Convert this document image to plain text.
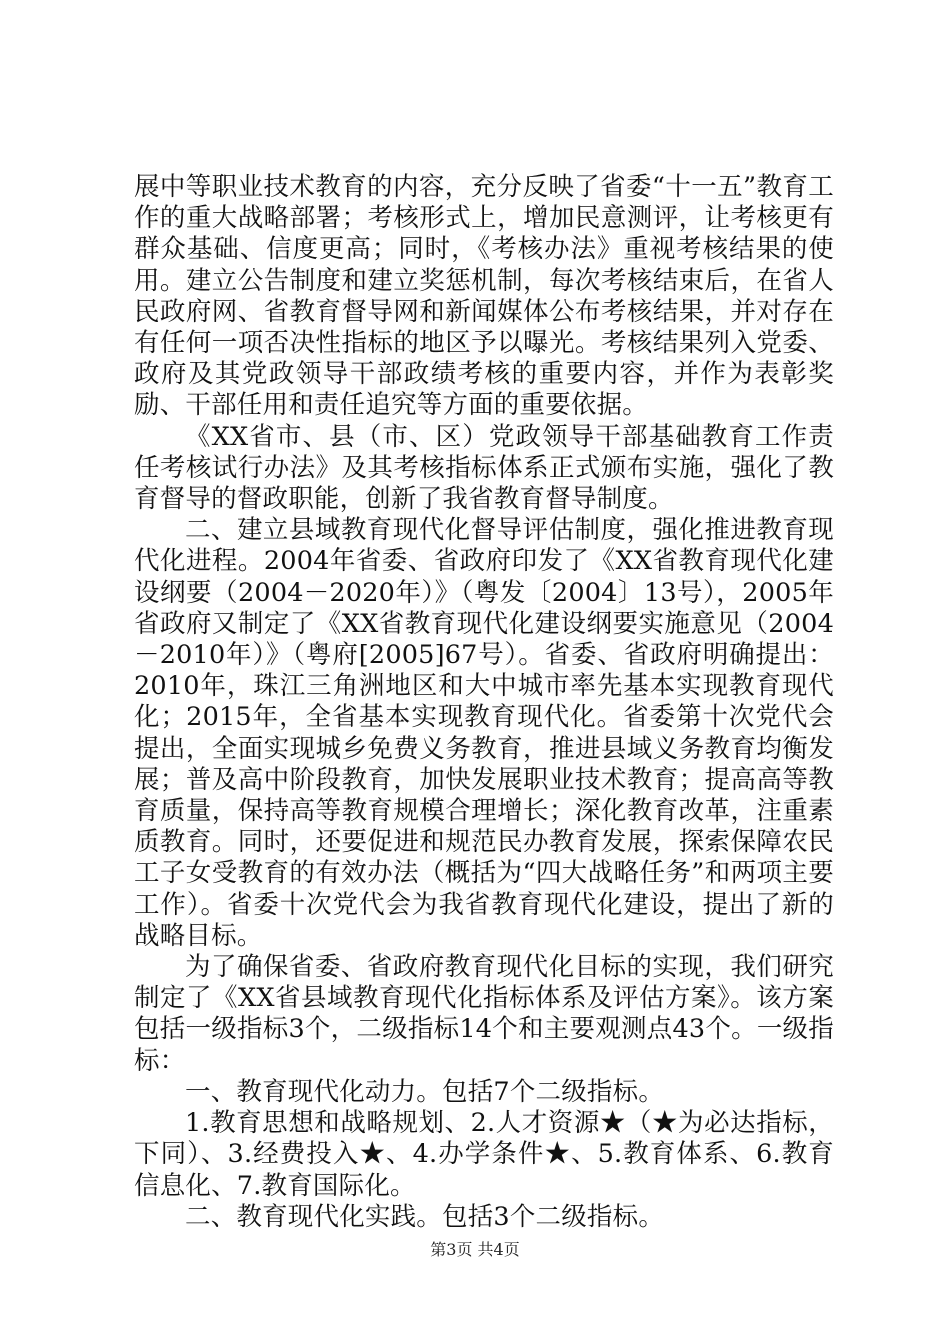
展中等职业技术教育的内容，充分反映了省委“十一五”教育工作的重大战略部署；考核形式上，增加民意测评，让考核更有群众基础、信度更高；同时，《考核办法》重视考核结果的使用。建立公告制度和建立奖惩机制，每次考核结束后，在省人民政府网、省教育督导网和新闻媒体公布考核结果，并对存在有任何一项否决性指标的地区予以曝光。考核结果列入党委、政府及其党政领导干部政绩考核的重要内容，并作为表彰奖励、干部任用和责任追究等方面的重要依据。

《XX省市、县（市、区）党政领导干部基础教育工作责任考核试行办法》及其考核指标体系正式颁布实施，强化了教育督导的督政职能，创新了我省教育督导制度。

二、建立县域教育现代化督导评估制度，强化推进教育现代化进程。2004年省委、省政府印发了《XX省教育现代化建设纲要（2004－2020年）》（粤发〔2004〕13号），2005年省政府又制定了《XX省教育现代化建设纲要实施意见（2004－2010年）》（粤府[2005]67号）。省委、省政府明确提出：2010年，珠江三角洲地区和大中城市率先基本实现教育现代化；2015年，全省基本实现教育现代化。省委第十次党代会提出，全面实现城乡免费义务教育，推进县域义务教育均衡发展；普及高中阶段教育，加快发展职业技术教育；提高高等教育质量，保持高等教育规模合理增长；深化教育改革，注重素质教育。同时，还要促进和规范民办教育发展，探索保障农民工子女受教育的有效办法（概括为“四大战略任务”和两项主要工作）。省委十次党代会为我省教育现代化建设，提出了新的战略目标。

为了确保省委、省政府教育现代化目标的实现，我们研究制定了《XX省县域教育现代化指标体系及评估方案》。该方案包括一级指标3个，二级指标14个和主要观测点43个。一级指标：

一、教育现代化动力。包括7个二级指标。

1.教育思想和战略规划、2.人才资源★（★为必达指标，下同）、3.经费投入★、4.办学条件★、5.教育体系、6.教育信息化、7.教育国际化。

二、教育现代化实践。包括3个二级指标。

第3页 共4页
